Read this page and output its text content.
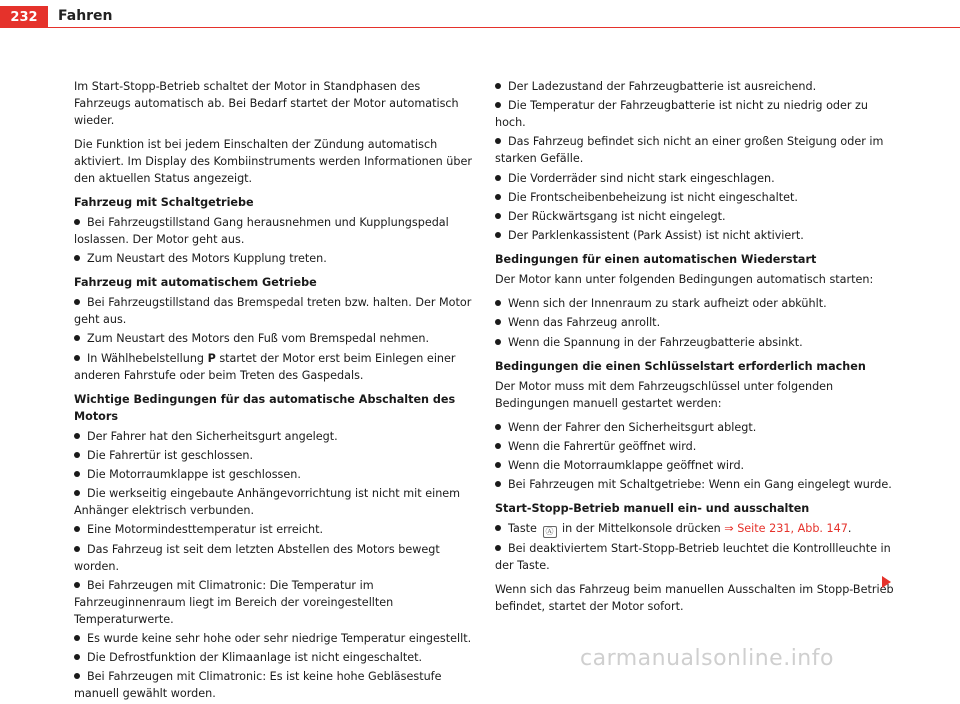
232	Fahren

Im Start-Stopp-Betrieb schaltet der Motor in Standphasen des Fahrzeugs automatisch ab. Bei Bedarf startet der Motor automatisch wieder.

Die Funktion ist bei jedem Einschalten der Zündung automatisch aktiviert. Im Display des Kombiinstruments werden Informationen über den aktuellen Status angezeigt.

Fahrzeug mit Schaltgetriebe

Bei Fahrzeugstillstand Gang herausnehmen und Kupplungspedal loslassen. Der Motor geht aus.

Zum Neustart des Motors Kupplung treten.

Fahrzeug mit automatischem Getriebe

Bei Fahrzeugstillstand das Bremspedal treten bzw. halten. Der Motor geht aus.

Zum Neustart des Motors den Fuß vom Bremspedal nehmen.

In Wählhebelstellung P startet der Motor erst beim Einlegen einer anderen Fahrstufe oder beim Treten des Gaspedals.

Wichtige Bedingungen für das automatische Abschalten des Motors

Der Fahrer hat den Sicherheitsgurt angelegt.

Die Fahrertür ist geschlossen.

Die Motorraumklappe ist geschlossen.

Die werkseitig eingebaute Anhängevorrichtung ist nicht mit einem Anhänger elektrisch verbunden.

Eine Motormindesttemperatur ist erreicht.

Das Fahrzeug ist seit dem letzten Abstellen des Motors bewegt worden.

Bei Fahrzeugen mit Climatronic: Die Temperatur im Fahrzeuginnenraum liegt im Bereich der voreingestellten Temperaturwerte.

Es wurde keine sehr hohe oder sehr niedrige Temperatur eingestellt.

Die Defrostfunktion der Klimaanlage ist nicht eingeschaltet.

Bei Fahrzeugen mit Climatronic: Es ist keine hohe Gebläsestufe manuell gewählt worden.

Der Ladezustand der Fahrzeugbatterie ist ausreichend.

Die Temperatur der Fahrzeugbatterie ist nicht zu niedrig oder zu hoch.

Das Fahrzeug befindet sich nicht an einer großen Steigung oder im starken Gefälle.

Die Vorderräder sind nicht stark eingeschlagen.

Die Frontscheibenbeheizung ist nicht eingeschaltet.

Der Rückwärtsgang ist nicht eingelegt.

Der Parklenkassistent (Park Assist) ist nicht aktiviert.

Bedingungen für einen automatischen Wiederstart

Der Motor kann unter folgenden Bedingungen automatisch starten:

Wenn sich der Innenraum zu stark aufheizt oder abkühlt.

Wenn das Fahrzeug anrollt.

Wenn die Spannung in der Fahrzeugbatterie absinkt.

Bedingungen die einen Schlüsselstart erforderlich machen

Der Motor muss mit dem Fahrzeugschlüssel unter folgenden Bedingungen manuell gestartet werden:

Wenn der Fahrer den Sicherheitsgurt ablegt.

Wenn die Fahrertür geöffnet wird.

Wenn die Motorraumklappe geöffnet wird.

Bei Fahrzeugen mit Schaltgetriebe: Wenn ein Gang eingelegt wurde.

Start-Stopp-Betrieb manuell ein- und ausschalten

Taste Ⓐ in der Mittelkonsole drücken ⇒ Seite 231, Abb. 147.

Bei deaktiviertem Start-Stopp-Betrieb leuchtet die Kontrollleuchte in der Taste.

Wenn sich das Fahrzeug beim manuellen Ausschalten im Stopp-Betrieb befindet, startet der Motor sofort.

carmanualsonline.info
